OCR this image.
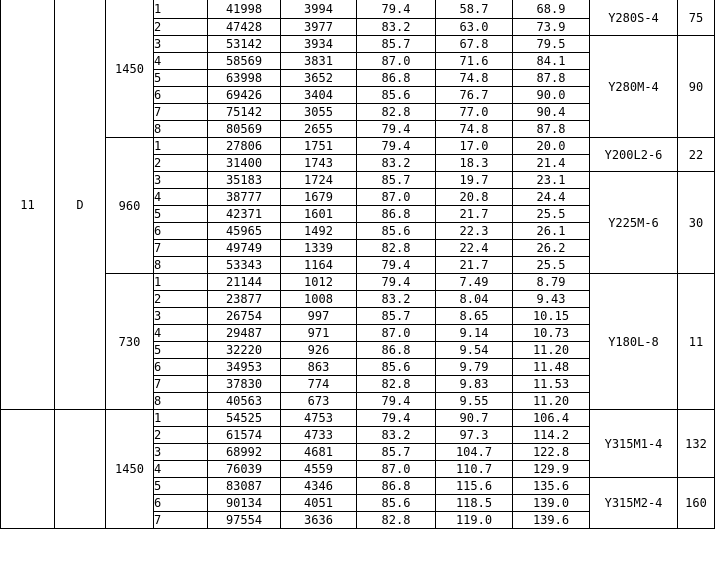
11	D	1450	1	41998	3994	79.4	58.7	68.9	Y280S-4	75
			2	47428	3977	83.2	63.0	73.9		
			3	53142	3934	85.7	67.8	79.5	Y280M-4	90
			4	58569	3831	87.0	71.6	84.1		
			5	63998	3652	86.8	74.8	87.8		
			6	69426	3404	85.6	76.7	90.0		
			7	75142	3055	82.8	77.0	90.4		
			8	80569	2655	79.4	74.8	87.8		
		960	1	27806	1751	79.4	17.0	20.0	Y200L2-6	22
			2	31400	1743	83.2	18.3	21.4		
			3	35183	1724	85.7	19.7	23.1	Y225M-6	30
			4	38777	1679	87.0	20.8	24.4		
			5	42371	1601	86.8	21.7	25.5		
			6	45965	1492	85.6	22.3	26.1		
			7	49749	1339	82.8	22.4	26.2		
			8	53343	1164	79.4	21.7	25.5		
		730	1	21144	1012	79.4	7.49	8.79	Y180L-8	11
			2	23877	1008	83.2	8.04	9.43		
			3	26754	997	85.7	8.65	10.15		
			4	29487	971	87.0	9.14	10.73		
			5	32220	926	86.8	9.54	11.20		
			6	34953	863	85.6	9.79	11.48		
			7	37830	774	82.8	9.83	11.53		
			8	40563	673	79.4	9.55	11.20		
		1450	1	54525	4753	79.4	90.7	106.4	Y315M1-4	132
			2	61574	4733	83.2	97.3	114.2		
			3	68992	4681	85.7	104.7	122.8		
			4	76039	4559	87.0	110.7	129.9		
			5	83087	4346	86.8	115.6	135.6	Y315M2-4	160
			6	90134	4051	85.6	118.5	139.0		
			7	97554	3636	82.8	119.0	139.6		
